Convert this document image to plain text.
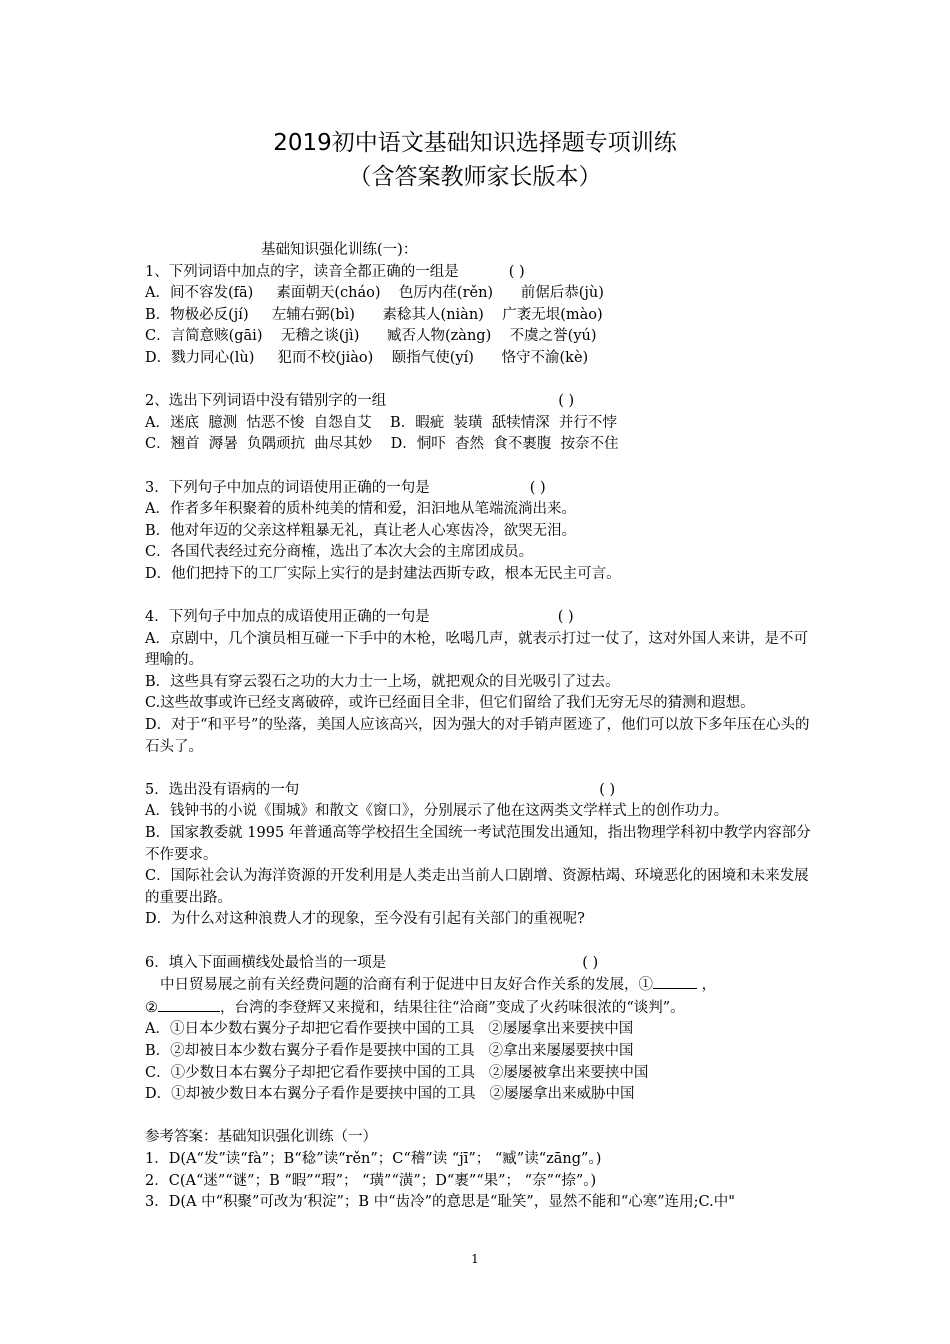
2019初中语文基础知识选择题专项训练
（含答案教师家长版本）
基础知识强化训练(一)：
1、下列词语中加点的字，读音全都正确的一组是	( )
A．间不容发(fā)     素面朝天(cháo)    色厉内荏(rěn)      前倨后恭(jù)
B．物极必反(jí)     左辅右弼(bì)      素稔其人(niàn)    广袤无垠(mào)
C．言简意赅(gāi)    无稽之谈(jì)      臧否人物(zàng)    不虞之誉(yú)
D．戮力同心(lù)     犯而不校(jiào)    颐指气使(yí)      恪守不渝(kè)
2、选出下列词语中没有错别字的一组	( )
A．迷底  臆测  怙恶不悛  自怨自艾    B．暇疵  装璜  舐犊情深  并行不悖
C．翘首  溽暑  负隅顽抗  曲尽其妙    D．恫吓  杳然  食不裹腹  按奈不住
3．下列句子中加点的词语使用正确的一句是	( )
A．作者多年积聚着的质朴纯美的情和爱，汩汩地从笔端流淌出来。
B．他对年迈的父亲这样粗暴无礼，真让老人心寒齿冷，欲哭无泪。
C．各国代表经过充分商榷，选出了本次大会的主席团成员。
D．他们把持下的工厂实际上实行的是封建法西斯专政，根本无民主可言。
4．下列句子中加点的成语使用正确的一句是	( )
A．京剧中，几个演员相互碰一下手中的木枪，吆喝几声，就表示打过一仗了，这对外国人来讲，是不可理喻的。
B．这些具有穿云裂石之功的大力士一上场，就把观众的目光吸引了过去。
C.这些故事或许已经支离破碎，或许已经面目全非，但它们留给了我们无穷无尽的猜测和遐想。
D．对于“和平号”的坠落，美国人应该高兴，因为强大的对手销声匿迹了，他们可以放下多年压在心头的石头了。
5．选出没有语病的一句	( )
A．钱钟书的小说《围城》和散文《窗口》，分别展示了他在这两类文学样式上的创作功力。
B．国家教委就 1995 年普通高等学校招生全国统一考试范围发出通知，指出物理学科初中教学内容部分不作要求。
C．国际社会认为海洋资源的开发利用是人类走出当前人口剧增、资源枯竭、环境恶化的困境和未来发展的重要出路。
D．为什么对这种浪费人才的现象，至今没有引起有关部门的重视呢?
6．填入下面画横线处最恰当的一项是	( )
中日贸易展之前有关经费问题的洽商有利于促进中日友好合作关系的发展，①	，
②	，台湾的李登辉又来搅和，结果往往“洽商”变成了火药味很浓的“谈判”。
A．①日本少数右翼分子却把它看作要挟中国的工具   ②屡屡拿出来要挟中国
B．②却被日本少数右翼分子看作是要挟中国的工具   ②拿出来屡屡要挟中国
C．①少数日本右翼分子却把它看作要挟中国的工具   ②屡屡被拿出来要挟中国
D．①却被少数日本右翼分子看作是要挟中国的工具   ②屡屡拿出来威胁中国
参考答案：基础知识强化训练（一）
1．D(A“发”读“fà”；B“稔”读“rěn”；C“稽”读 “jī”； “臧”读“zāng”。)
2．C(A“迷”“谜”；B “暇”“瑕”； “璜”“潢”；D“裹”“果”； “奈”“捺”。)
3．D(A 中“积聚”可改为‘积淀”；B 中“齿冷”的意思是“耻笑”，显然不能和“心寒”连用;C.中"
1
